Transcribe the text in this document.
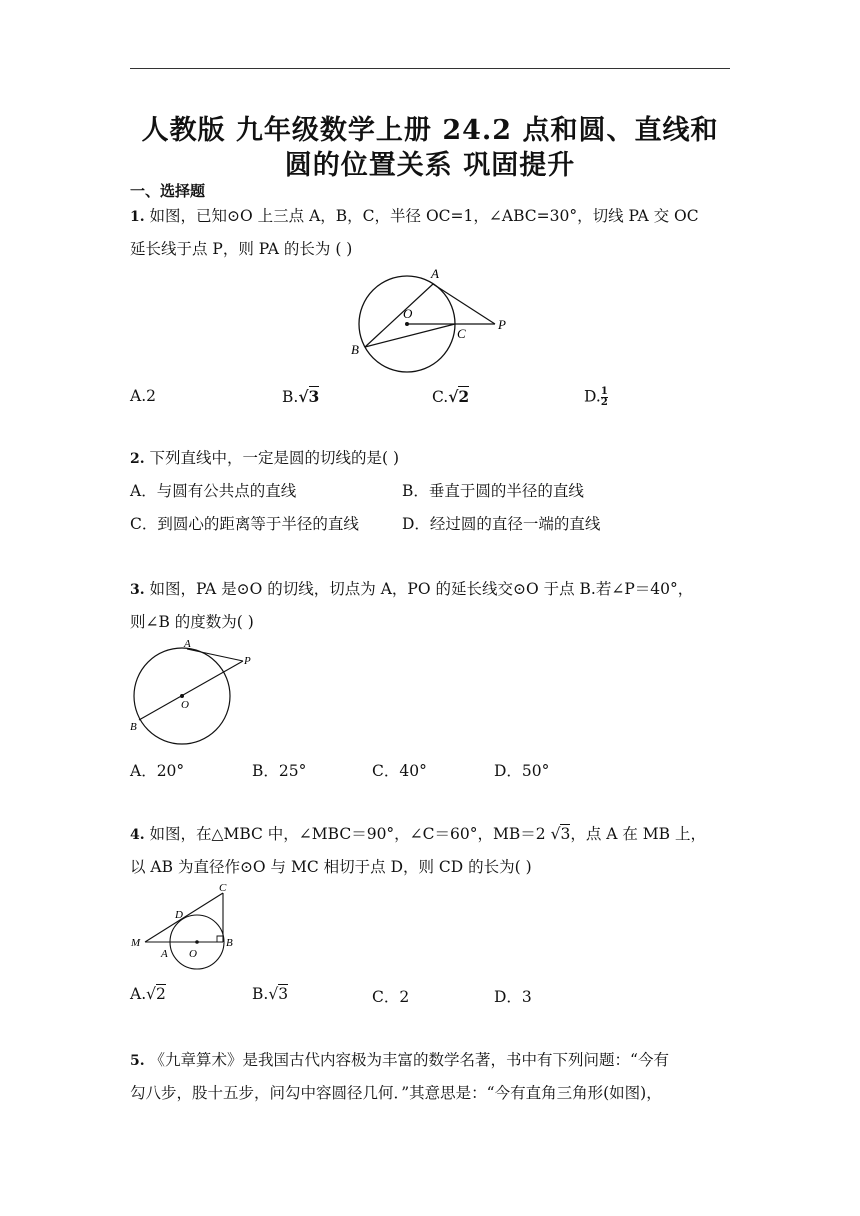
人教版 九年级数学上册 24.2 点和圆、直线和
圆的位置关系 巩固提升
一、选择题
1. 如图，已知⊙O 上三点 A，B，C，半径 OC=1，∠ABC=30°，切线 PA 交 OC
延长线于点 P，则 PA 的长为 ( )
A
O
C
P
B
A.2	B.√3	C.√2	D. $\frac{1}{2}$
2. 下列直线中，一定是圆的切线的是( )
A．与圆有公共点的直线	B．垂直于圆的半径的直线
C．到圆心的距离等于半径的直线	D．经过圆的直径一端的直线
3. 如图，PA 是⊙O 的切线，切点为 A，PO 的延长线交⊙O 于点 B.若∠P＝40°，
则∠B 的度数为( )
A
P
O
B
A．20°	B．25°	C．40°	D．50°
4. 如图，在△MBC 中，∠MBC＝90°，∠C＝60°，MB＝2 √3，点 A 在 MB 上，
以 AB 为直径作⊙O 与 MC 相切于点 D，则 CD 的长为( )
C
D
M
A O
B
A.√2	B.√3	C．2	D．3
5. 《九章算术》是我国古代内容极为丰富的数学名著，书中有下列问题：“今有
勾八步，股十五步，问勾中容圆径几何．”其意思是：“今有直角三角形(如图)，
